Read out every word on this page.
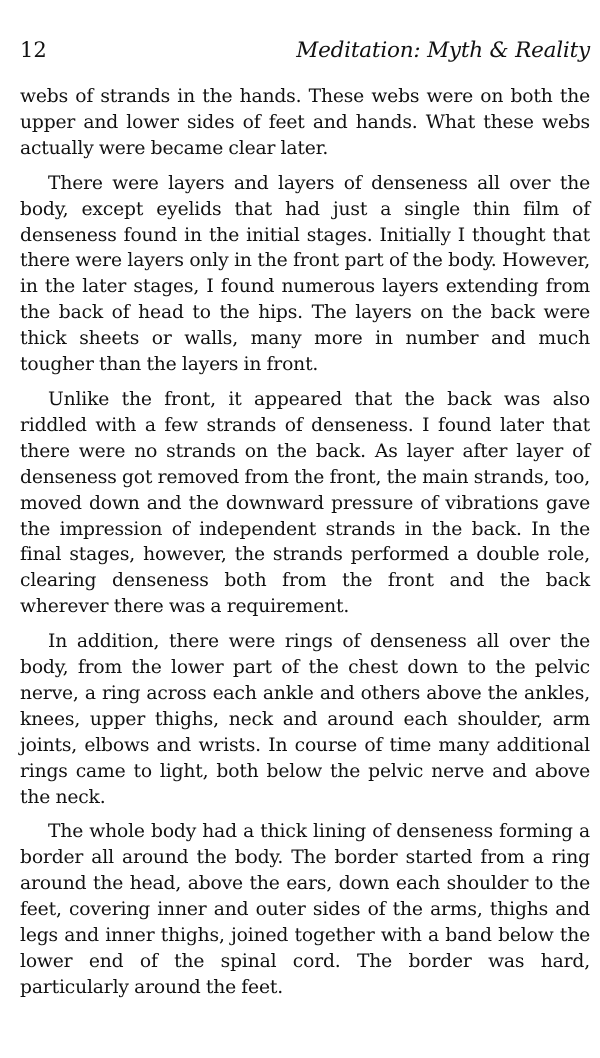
12	Meditation: Myth & Reality

webs of strands in the hands. These webs were on both the upper and lower sides of feet and hands. What these webs actually were became clear later.

There were layers and layers of denseness all over the body, except eyelids that had just a single thin film of denseness found in the initial stages. Initially I thought that there were layers only in the front part of the body. However, in the later stages, I found numerous layers extending from the back of head to the hips. The layers on the back were thick sheets or walls, many more in number and much tougher than the layers in front.

Unlike the front, it appeared that the back was also riddled with a few strands of denseness. I found later that there were no strands on the back. As layer after layer of denseness got removed from the front, the main strands, too, moved down and the downward pressure of vibrations gave the impression of independent strands in the back. In the final stages, however, the strands performed a double role, clearing denseness both from the front and the back wherever there was a requirement.

In addition, there were rings of denseness all over the body, from the lower part of the chest down to the pelvic nerve, a ring across each ankle and others above the ankles, knees, upper thighs, neck and around each shoulder, arm joints, elbows and wrists. In course of time many additional rings came to light, both below the pelvic nerve and above the neck.

The whole body had a thick lining of denseness forming a border all around the body. The border started from a ring around the head, above the ears, down each shoulder to the feet, covering inner and outer sides of the arms, thighs and legs and inner thighs, joined together with a band below the lower end of the spinal cord. The border was hard, particularly around the feet.
